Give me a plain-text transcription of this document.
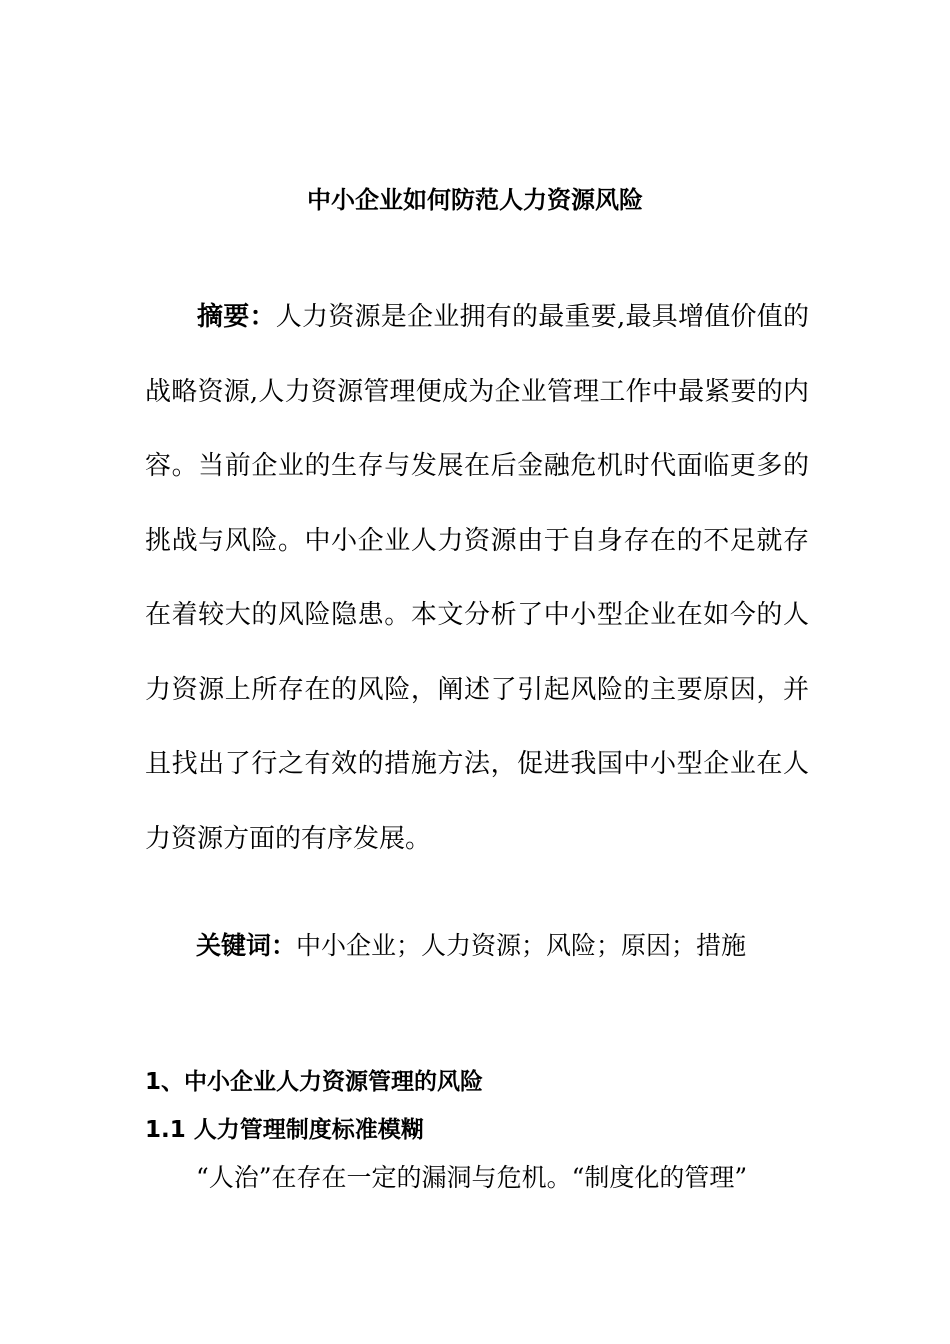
中小企业如何防范人力资源风险

摘要：人力资源是企业拥有的最重要,最具增值价值的战略资源,人力资源管理便成为企业管理工作中最紧要的内容。当前企业的生存与发展在后金融危机时代面临更多的挑战与风险。中小企业人力资源由于自身存在的不足就存在着较大的风险隐患。本文分析了中小型企业在如今的人力资源上所存在的风险，阐述了引起风险的主要原因，并且找出了行之有效的措施方法，促进我国中小型企业在人力资源方面的有序发展。

关键词：中小企业；人力资源；风险；原因；措施

1、中小企业人力资源管理的风险
1.1 人力管理制度标准模糊

“人治”在存在一定的漏洞与危机。“制度化的管理”
